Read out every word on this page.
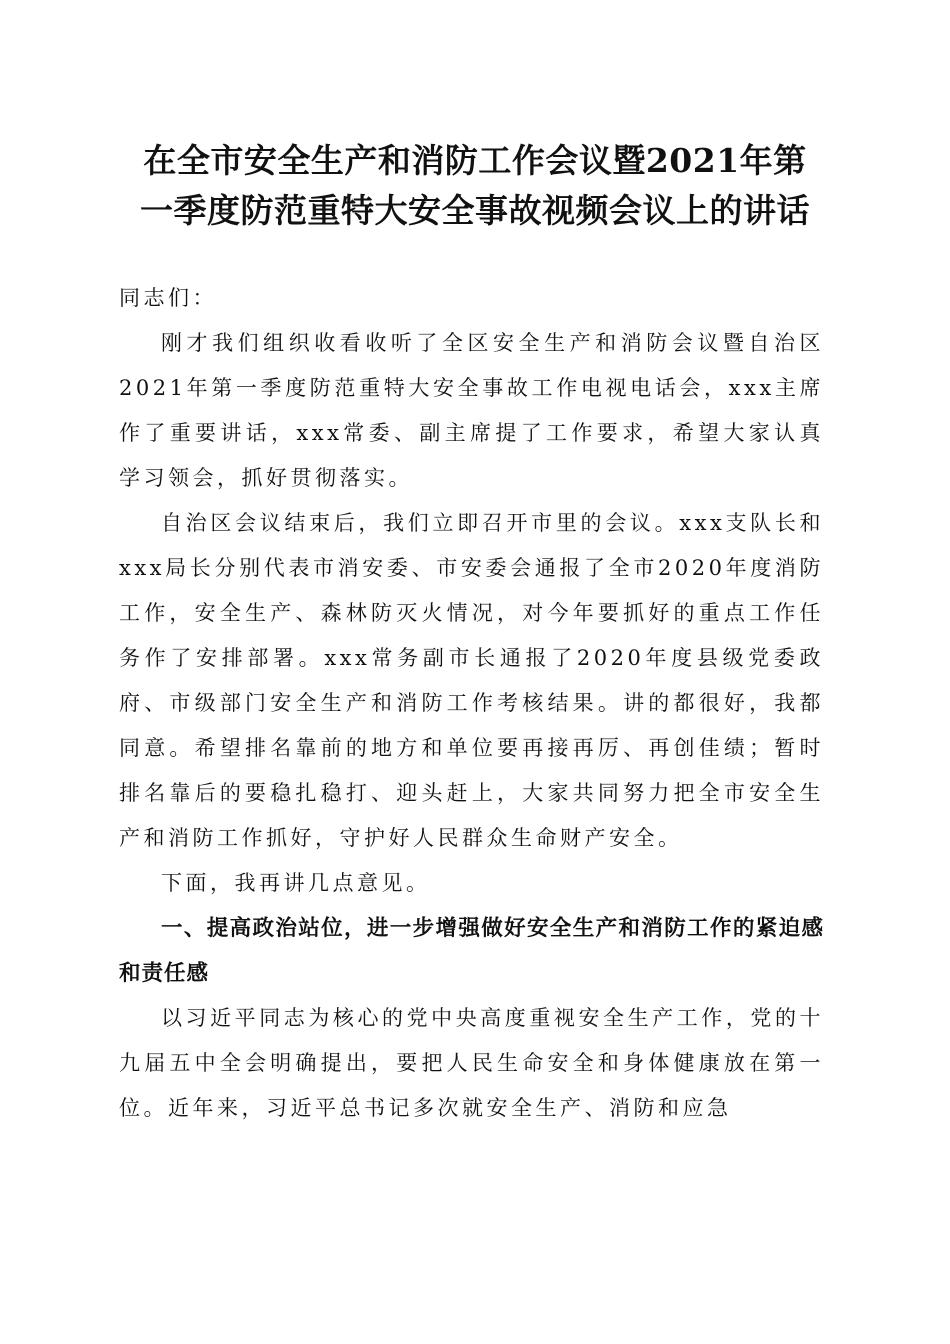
在全市安全生产和消防工作会议暨2021年第
一季度防范重特大安全事故视频会议上的讲话

同志们：

刚才我们组织收看收听了全区安全生产和消防会议暨自治区2021年第一季度防范重特大安全事故工作电视电话会，xxx主席作了重要讲话，xxx常委、副主席提了工作要求，希望大家认真学习领会，抓好贯彻落实。

自治区会议结束后，我们立即召开市里的会议。xxx支队长和xxx局长分别代表市消安委、市安委会通报了全市2020年度消防工作，安全生产、森林防灭火情况，对今年要抓好的重点工作任务作了安排部署。xxx常务副市长通报了2020年度县级党委政府、市级部门安全生产和消防工作考核结果。讲的都很好，我都同意。希望排名靠前的地方和单位要再接再厉、再创佳绩；暂时排名靠后的要稳扎稳打、迎头赶上，大家共同努力把全市安全生产和消防工作抓好，守护好人民群众生命财产安全。

下面，我再讲几点意见。

一、提高政治站位，进一步增强做好安全生产和消防工作的紧迫感和责任感

以习近平同志为核心的党中央高度重视安全生产工作，党的十九届五中全会明确提出，要把人民生命安全和身体健康放在第一位。近年来，习近平总书记多次就安全生产、消防和应急
